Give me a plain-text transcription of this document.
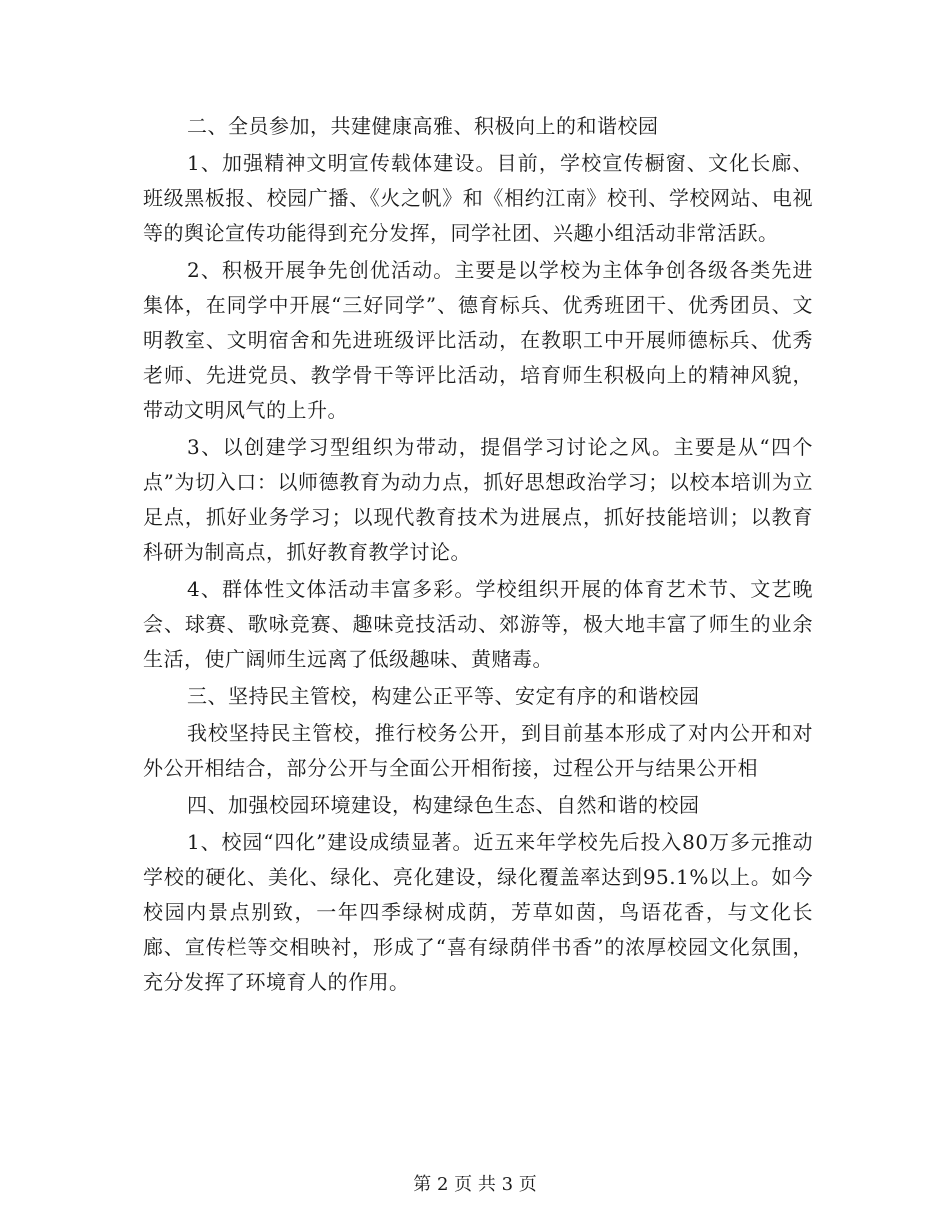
二、全员参加，共建健康高雅、积极向上的和谐校园

1、加强精神文明宣传载体建设。目前，学校宣传橱窗、文化长廊、班级黑板报、校园广播、《火之帆》和《相约江南》校刊、学校网站、电视等的舆论宣传功能得到充分发挥，同学社团、兴趣小组活动非常活跃。

2、积极开展争先创优活动。主要是以学校为主体争创各级各类先进集体，在同学中开展“三好同学”、德育标兵、优秀班团干、优秀团员、文明教室、文明宿舍和先进班级评比活动，在教职工中开展师德标兵、优秀老师、先进党员、教学骨干等评比活动，培育师生积极向上的精神风貌，带动文明风气的上升。

3、以创建学习型组织为带动，提倡学习讨论之风。主要是从“四个点”为切入口：以师德教育为动力点，抓好思想政治学习；以校本培训为立足点，抓好业务学习；以现代教育技术为进展点，抓好技能培训；以教育科研为制高点，抓好教育教学讨论。

4、群体性文体活动丰富多彩。学校组织开展的体育艺术节、文艺晚会、球赛、歌咏竞赛、趣味竞技活动、郊游等，极大地丰富了师生的业余生活，使广阔师生远离了低级趣味、黄赌毒。

三、坚持民主管校，构建公正平等、安定有序的和谐校园

我校坚持民主管校，推行校务公开，到目前基本形成了对内公开和对外公开相结合，部分公开与全面公开相衔接，过程公开与结果公开相

四、加强校园环境建设，构建绿色生态、自然和谐的校园

1、校园“四化”建设成绩显著。近五来年学校先后投入80万多元推动学校的硬化、美化、绿化、亮化建设，绿化覆盖率达到95.1%以上。如今校园内景点别致，一年四季绿树成荫，芳草如茵，鸟语花香，与文化长廊、宣传栏等交相映衬，形成了“喜有绿荫伴书香”的浓厚校园文化氛围，充分发挥了环境育人的作用。

第 2 页 共 3 页
